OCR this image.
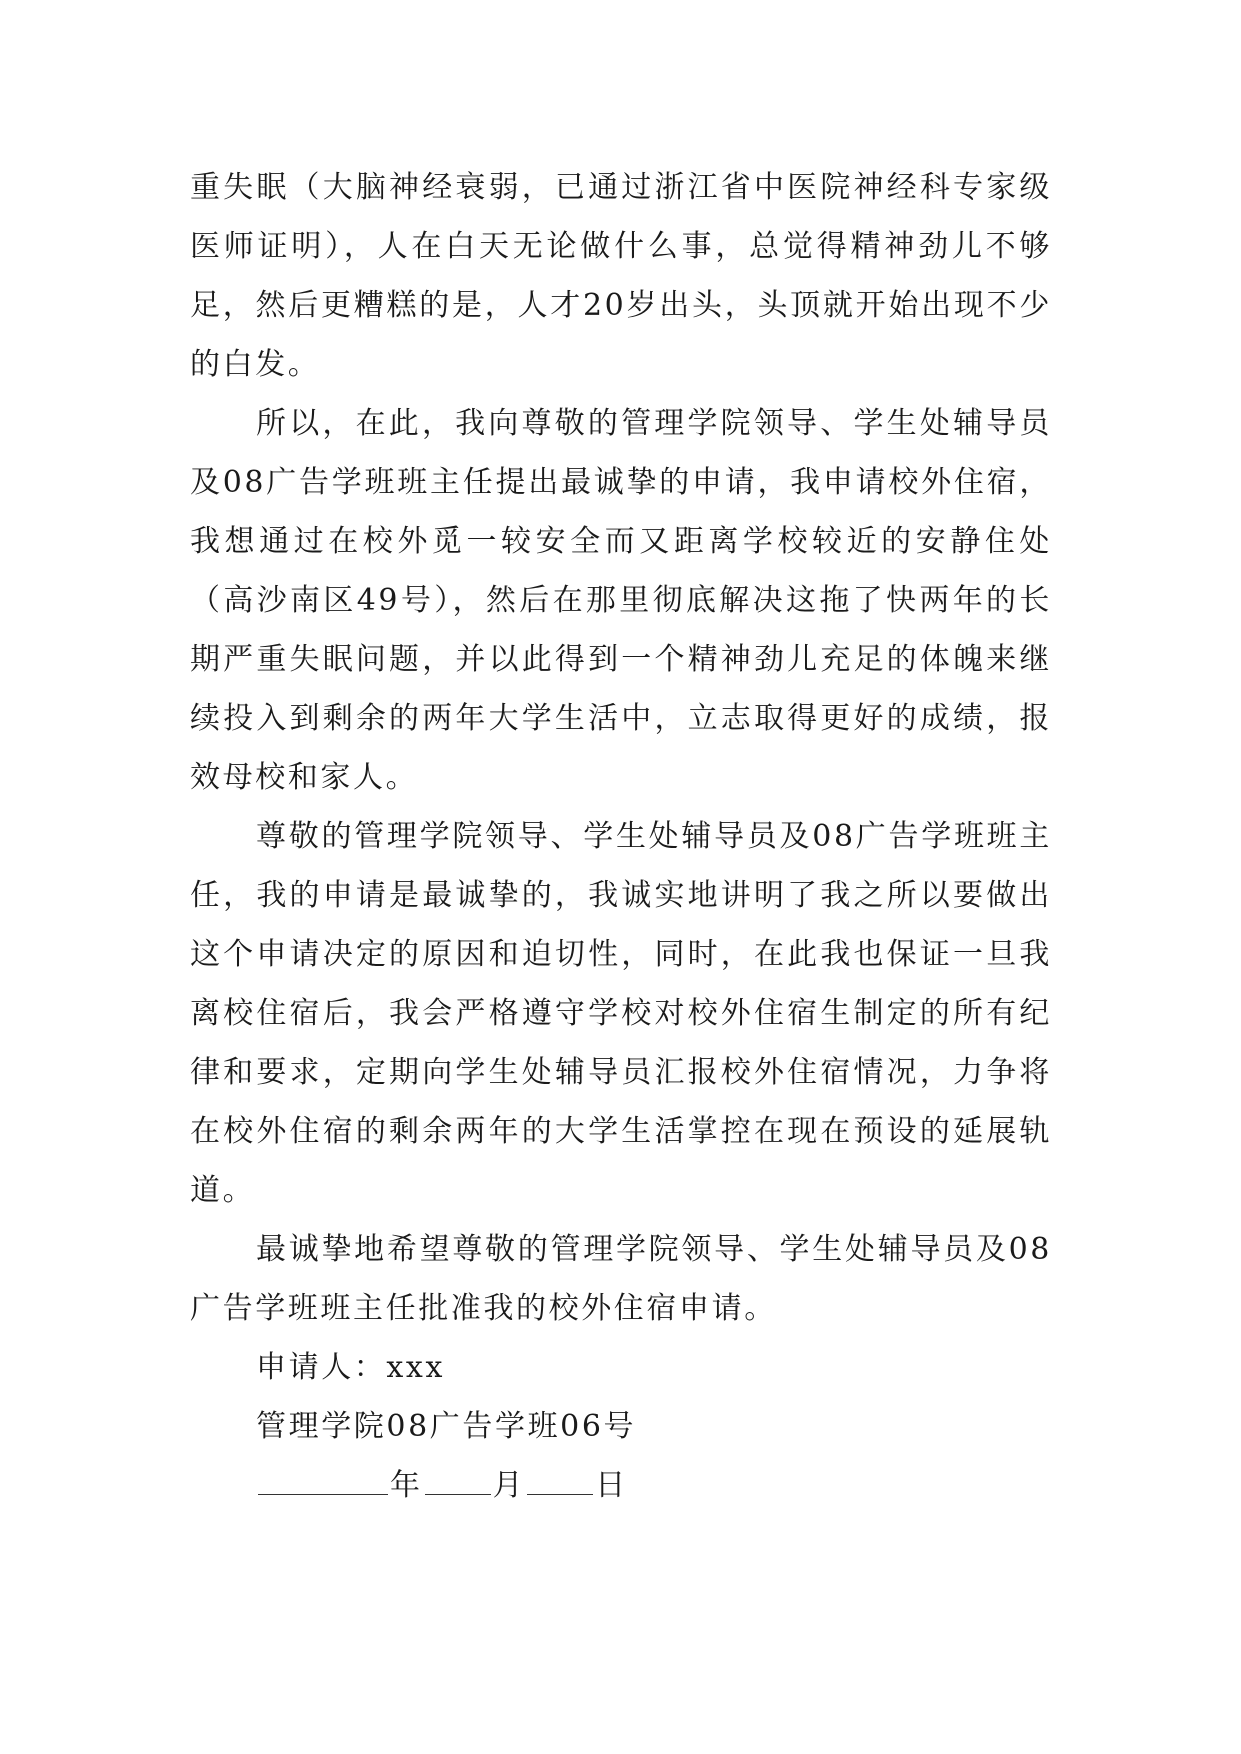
重失眠（大脑神经衰弱，已通过浙江省中医院神经科专家级医师证明），人在白天无论做什么事，总觉得精神劲儿不够足，然后更糟糕的是，人才20岁出头，头顶就开始出现不少的白发。

所以，在此，我向尊敬的管理学院领导、学生处辅导员及08广告学班班主任提出最诚挚的申请，我申请校外住宿，我想通过在校外觅一较安全而又距离学校较近的安静住处（高沙南区49号），然后在那里彻底解决这拖了快两年的长期严重失眠问题，并以此得到一个精神劲儿充足的体魄来继续投入到剩余的两年大学生活中，立志取得更好的成绩，报效母校和家人。

尊敬的管理学院领导、学生处辅导员及08广告学班班主任，我的申请是最诚挚的，我诚实地讲明了我之所以要做出这个申请决定的原因和迫切性，同时，在此我也保证一旦我离校住宿后，我会严格遵守学校对校外住宿生制定的所有纪律和要求，定期向学生处辅导员汇报校外住宿情况，力争将在校外住宿的剩余两年的大学生活掌控在现在预设的延展轨道。

最诚挚地希望尊敬的管理学院领导、学生处辅导员及08广告学班班主任批准我的校外住宿申请。

申请人：xxx

管理学院08广告学班06号

年 月 日
